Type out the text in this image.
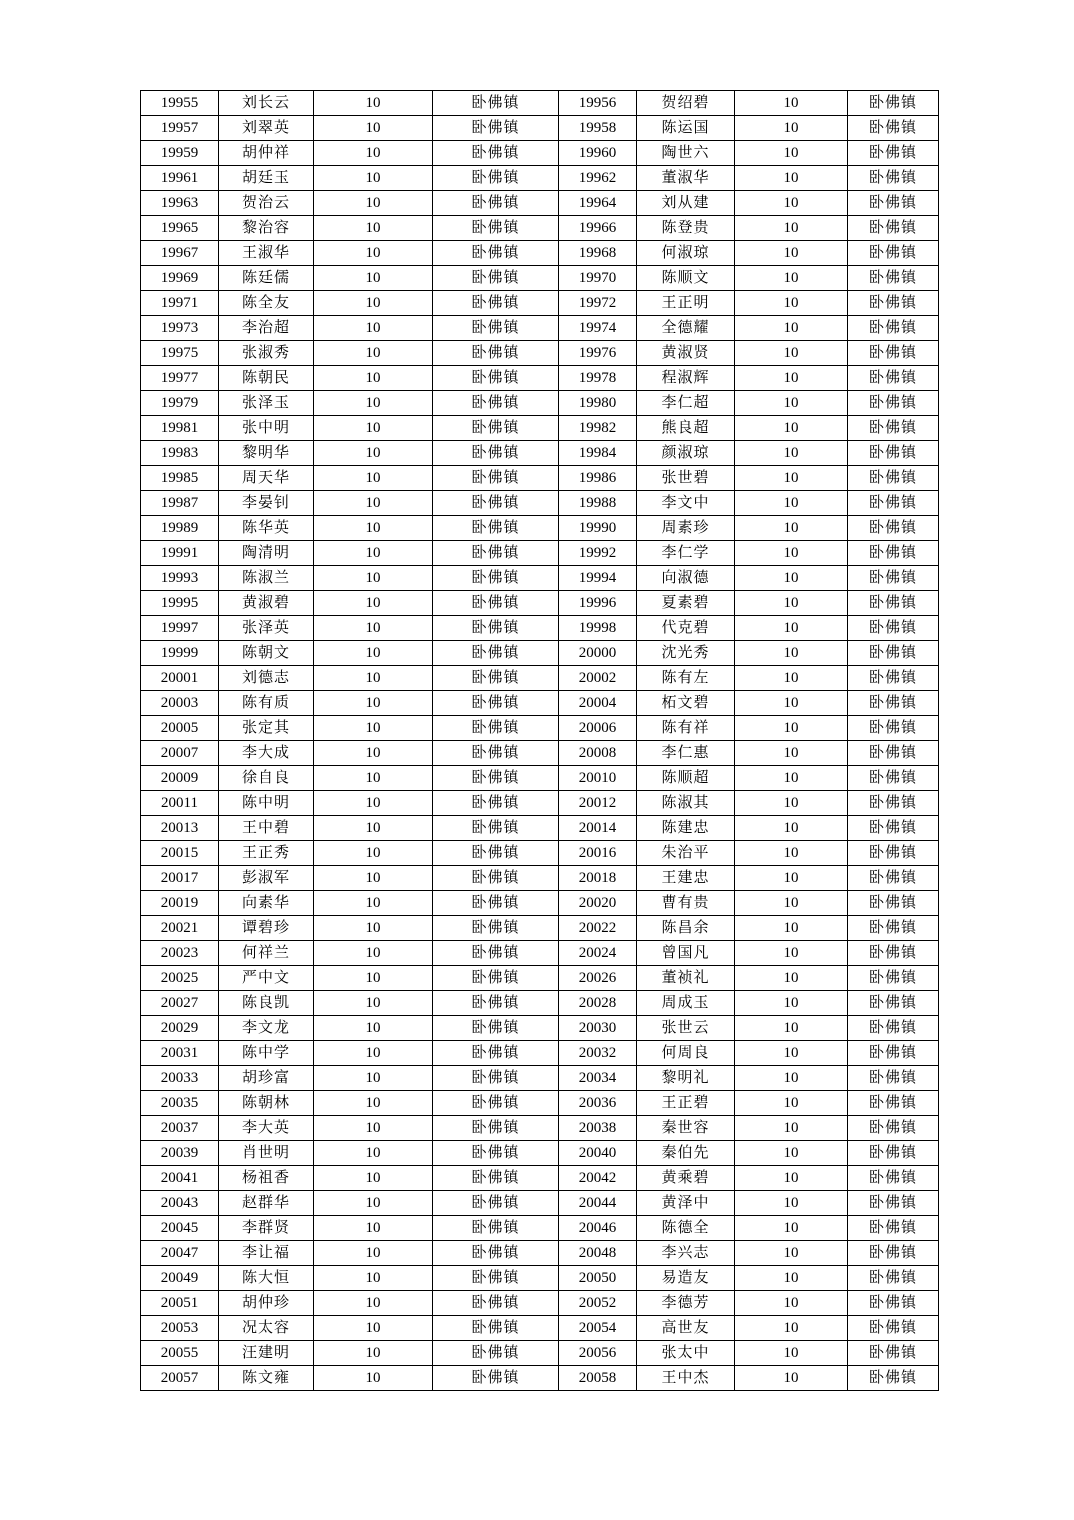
19955	刘长云	10	卧佛镇	19956	贺绍碧	10	卧佛镇
19957	刘翠英	10	卧佛镇	19958	陈运国	10	卧佛镇
19959	胡仲祥	10	卧佛镇	19960	陶世六	10	卧佛镇
19961	胡廷玉	10	卧佛镇	19962	董淑华	10	卧佛镇
19963	贺治云	10	卧佛镇	19964	刘从建	10	卧佛镇
19965	黎治容	10	卧佛镇	19966	陈登贵	10	卧佛镇
19967	王淑华	10	卧佛镇	19968	何淑琼	10	卧佛镇
19969	陈廷儒	10	卧佛镇	19970	陈顺文	10	卧佛镇
19971	陈全友	10	卧佛镇	19972	王正明	10	卧佛镇
19973	李治超	10	卧佛镇	19974	全德耀	10	卧佛镇
19975	张淑秀	10	卧佛镇	19976	黄淑贤	10	卧佛镇
19977	陈朝民	10	卧佛镇	19978	程淑辉	10	卧佛镇
19979	张泽玉	10	卧佛镇	19980	李仁超	10	卧佛镇
19981	张中明	10	卧佛镇	19982	熊良超	10	卧佛镇
19983	黎明华	10	卧佛镇	19984	颜淑琼	10	卧佛镇
19985	周天华	10	卧佛镇	19986	张世碧	10	卧佛镇
19987	李晏钊	10	卧佛镇	19988	李文中	10	卧佛镇
19989	陈华英	10	卧佛镇	19990	周素珍	10	卧佛镇
19991	陶清明	10	卧佛镇	19992	李仁学	10	卧佛镇
19993	陈淑兰	10	卧佛镇	19994	向淑德	10	卧佛镇
19995	黄淑碧	10	卧佛镇	19996	夏素碧	10	卧佛镇
19997	张泽英	10	卧佛镇	19998	代克碧	10	卧佛镇
19999	陈朝文	10	卧佛镇	20000	沈光秀	10	卧佛镇
20001	刘德志	10	卧佛镇	20002	陈有左	10	卧佛镇
20003	陈有质	10	卧佛镇	20004	柘文碧	10	卧佛镇
20005	张定其	10	卧佛镇	20006	陈有祥	10	卧佛镇
20007	李大成	10	卧佛镇	20008	李仁惠	10	卧佛镇
20009	徐自良	10	卧佛镇	20010	陈顺超	10	卧佛镇
20011	陈中明	10	卧佛镇	20012	陈淑其	10	卧佛镇
20013	王中碧	10	卧佛镇	20014	陈建忠	10	卧佛镇
20015	王正秀	10	卧佛镇	20016	朱治平	10	卧佛镇
20017	彭淑军	10	卧佛镇	20018	王建忠	10	卧佛镇
20019	向素华	10	卧佛镇	20020	曹有贵	10	卧佛镇
20021	谭碧珍	10	卧佛镇	20022	陈昌余	10	卧佛镇
20023	何祥兰	10	卧佛镇	20024	曾国凡	10	卧佛镇
20025	严中文	10	卧佛镇	20026	董祯礼	10	卧佛镇
20027	陈良凯	10	卧佛镇	20028	周成玉	10	卧佛镇
20029	李文龙	10	卧佛镇	20030	张世云	10	卧佛镇
20031	陈中学	10	卧佛镇	20032	何周良	10	卧佛镇
20033	胡珍富	10	卧佛镇	20034	黎明礼	10	卧佛镇
20035	陈朝林	10	卧佛镇	20036	王正碧	10	卧佛镇
20037	李大英	10	卧佛镇	20038	秦世容	10	卧佛镇
20039	肖世明	10	卧佛镇	20040	秦伯先	10	卧佛镇
20041	杨祖香	10	卧佛镇	20042	黄乘碧	10	卧佛镇
20043	赵群华	10	卧佛镇	20044	黄泽中	10	卧佛镇
20045	李群贤	10	卧佛镇	20046	陈德全	10	卧佛镇
20047	李让福	10	卧佛镇	20048	李兴志	10	卧佛镇
20049	陈大恒	10	卧佛镇	20050	易造友	10	卧佛镇
20051	胡仲珍	10	卧佛镇	20052	李德芳	10	卧佛镇
20053	况太容	10	卧佛镇	20054	高世友	10	卧佛镇
20055	汪建明	10	卧佛镇	20056	张太中	10	卧佛镇
20057	陈文雍	10	卧佛镇	20058	王中杰	10	卧佛镇
